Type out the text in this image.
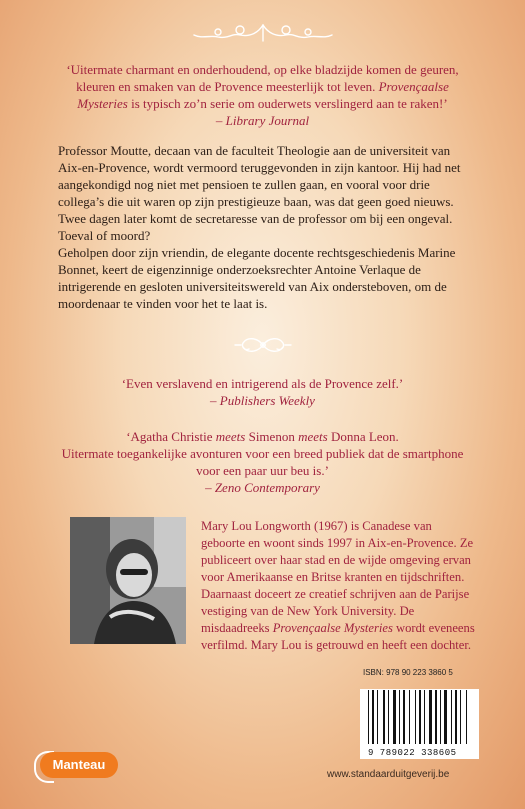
‘Uitermate charmant en onderhoudend, op elke bladzijde komen de geuren, kleuren en smaken van de Provence meesterlijk tot leven. Provençaalse Mysteries is typisch zo’n serie om ouderwets verslingerd aan te raken!’
– Library Journal

Professor Moutte, decaan van de faculteit Theologie aan de universiteit van Aix-en-Provence, wordt vermoord teruggevonden in zijn kantoor. Hij had net aangekondigd nog niet met pensioen te zullen gaan, en vooral voor drie collega’s die uit waren op zijn prestigieuze baan, was dat geen goed nieuws. Twee dagen later komt de secretaresse van de professor om bij een ongeval. Toeval of moord?

Geholpen door zijn vriendin, de elegante docente rechtsgeschiedenis Marine Bonnet, keert de eigenzinnige onderzoeksrechter Antoine Verlaque de intrigerende en gesloten universiteitswereld van Aix ondersteboven, om de moordenaar te vinden voor het te laat is.

‘Even verslavend en intrigerend als de Provence zelf.’
– Publishers Weekly
‘Agatha Christie meets Simenon meets Donna Leon.
Uitermate toegankelijke avonturen voor een breed publiek dat de smartphone voor een paar uur beu is.’
– Zeno Contemporary
Mary Lou Longworth (1967) is Canadese van geboorte en woont sinds 1997 in Aix-en-Provence. Ze publiceert over haar stad en de wijde omgeving ervan voor Amerikaanse en Britse kranten en tijdschriften. Daarnaast doceert ze creatief schrijven aan de Parijse vestiging van de New York University. De misdaadreeks Provençaalse Mysteries wordt eveneens verfilmd. Mary Lou is getrouwd en heeft een dochter.
ISBN: 978 90 223 3860 5
9 789022 338605
Manteau
www.standaarduitgeverij.be
